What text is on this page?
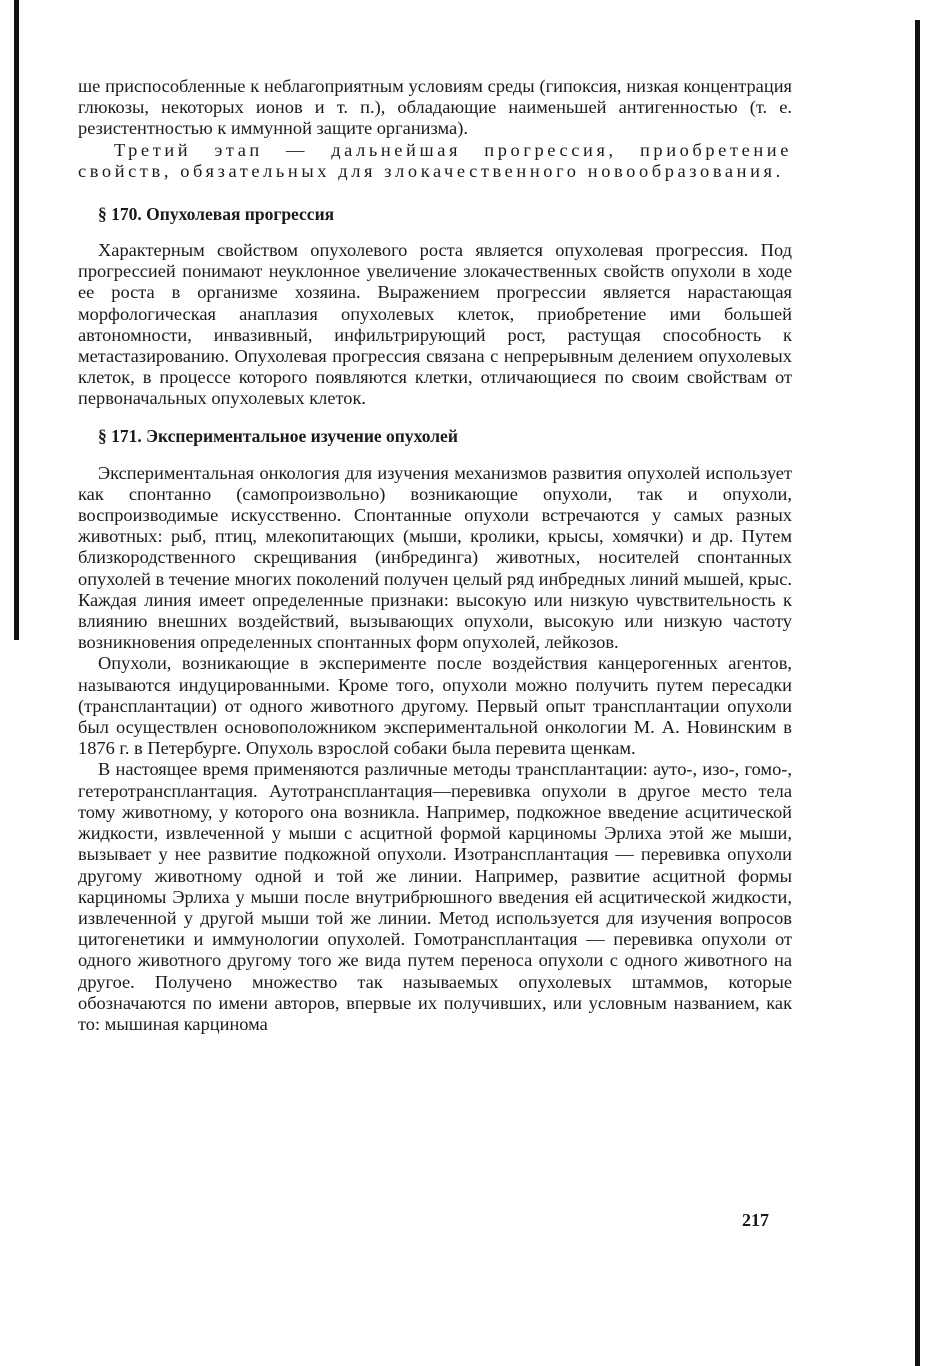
ше приспособленные к неблагоприятным условиям среды (гипоксия, низкая концентрация глюкозы, некоторых ионов и т. п.), обладающие наименьшей антигенностью (т. е. резистентностью к иммунной защите организма).

Третий этап — дальнейшая прогрессия, приобретение свойств, обязательных для злокачественного новообразования.

§ 170. Опухолевая прогрессия

Характерным свойством опухолевого роста является опухолевая прогрессия. Под прогрессией понимают неуклонное увеличение злокачественных свойств опухоли в ходе ее роста в организме хозяина. Выражением прогрессии является нарастающая морфологическая анаплазия опухолевых клеток, приобретение ими большей автономности, инвазивный, инфильтрирующий рост, растущая способность к метастазированию. Опухолевая прогрессия связана с непрерывным делением опухолевых клеток, в процессе которого появляются клетки, отличающиеся по своим свойствам от первоначальных опухолевых клеток.

§ 171. Экспериментальное изучение опухолей

Экспериментальная онкология для изучения механизмов развития опухолей использует как спонтанно (самопроизвольно) возникающие опухоли, так и опухоли, воспроизводимые искусственно. Спонтанные опухоли встречаются у самых разных животных: рыб, птиц, млекопитающих (мыши, кролики, крысы, хомячки) и др. Путем близкородственного скрещивания (инбрединга) животных, носителей спонтанных опухолей в течение многих поколений получен целый ряд инбредных линий мышей, крыс. Каждая линия имеет определенные признаки: высокую или низкую чувствительность к влиянию внешних воздействий, вызывающих опухоли, высокую или низкую частоту возникновения определенных спонтанных форм опухолей, лейкозов.

Опухоли, возникающие в эксперименте после воздействия канцерогенных агентов, называются индуцированными. Кроме того, опухоли можно получить путем пересадки (трансплантации) от одного животного другому. Первый опыт трансплантации опухоли был осуществлен основоположником экспериментальной онкологии М. А. Новинским в 1876 г. в Петербурге. Опухоль взрослой собаки была перевита щенкам.

В настоящее время применяются различные методы трансплантации: ауто-, изо-, гомо-, гетеротрансплантация. Аутотрансплантация—перевивка опухоли в другое место тела тому животному, у которого она возникла. Например, подкожное введение асцитической жидкости, извлеченной у мыши с асцитной формой карциномы Эрлиха этой же мыши, вызывает у нее развитие подкожной опухоли. Изотрансплантация — перевивка опухоли другому животному одной и той же линии. Например, развитие асцитной формы карциномы Эрлиха у мыши после внутрибрюшного введения ей асцитической жидкости, извлеченной у другой мыши той же линии. Метод используется для изучения вопросов цитогенетики и иммунологии опухолей. Гомотрансплантация — перевивка опухоли от одного животного другому того же вида путем переноса опухоли с одного животного на другое. Получено множество так называемых опухолевых штаммов, которые обозначаются по имени авторов, впервые их получивших, или условным названием, как то: мышиная карцинома

217
